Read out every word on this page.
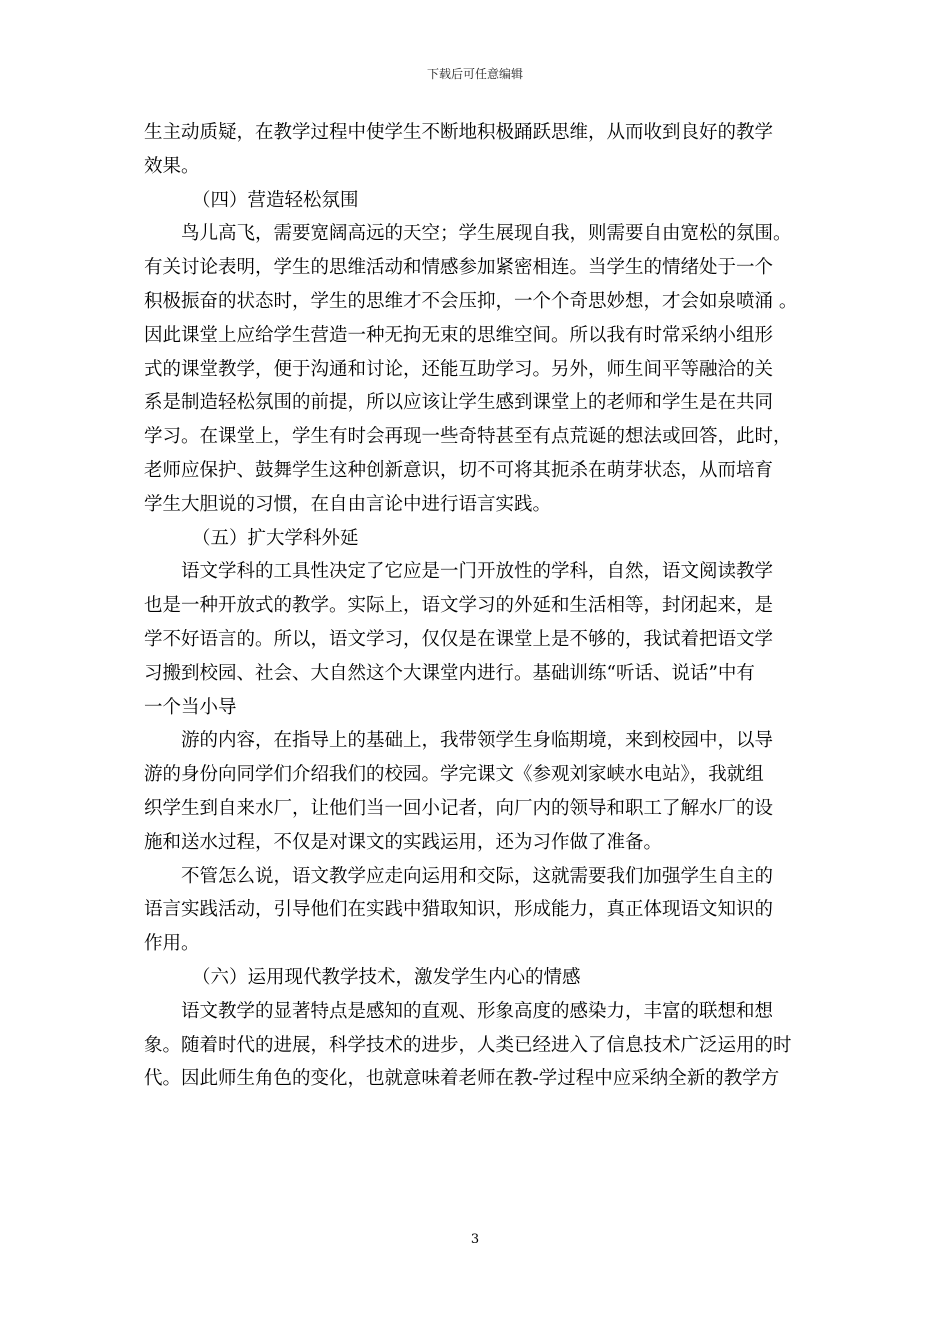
下载后可任意编辑
生主动质疑，在教学过程中使学生不断地积极踊跃思维，从而收到良好的教学
效果。
（四）营造轻松氛围
鸟儿高飞，需要宽阔高远的天空；学生展现自我，则需要自由宽松的氛围。
有关讨论表明，学生的思维活动和情感参加紧密相连。当学生的情绪处于一个
积极振奋的状态时，学生的思维才不会压抑，一个个奇思妙想，才会如泉喷涌 。
因此课堂上应给学生营造一种无拘无束的思维空间。所以我有时常采纳小组形
式的课堂教学，便于沟通和讨论，还能互助学习。另外，师生间平等融洽的关
系是制造轻松氛围的前提，所以应该让学生感到课堂上的老师和学生是在共同
学习。在课堂上，学生有时会再现一些奇特甚至有点荒诞的想法或回答，此时，
老师应保护、鼓舞学生这种创新意识，切不可将其扼杀在萌芽状态，从而培育
学生大胆说的习惯，在自由言论中进行语言实践。
（五）扩大学科外延
语文学科的工具性决定了它应是一门开放性的学科，自然，语文阅读教学
也是一种开放式的教学。实际上，语文学习的外延和生活相等，封闭起来，是
学不好语言的。所以，语文学习，仅仅是在课堂上是不够的，我试着把语文学
习搬到校园、社会、大自然这个大课堂内进行。基础训练“听话、说话”中有
一个当小导
游的内容，在指导上的基础上，我带领学生身临期境，来到校园中，以导
游的身份向同学们介绍我们的校园。学完课文《参观刘家峡水电站》，我就组
织学生到自来水厂，让他们当一回小记者，向厂内的领导和职工了解水厂的设
施和送水过程，不仅是对课文的实践运用，还为习作做了准备。
不管怎么说，语文教学应走向运用和交际，这就需要我们加强学生自主的
语言实践活动，引导他们在实践中猎取知识，形成能力，真正体现语文知识的
作用。
（六）运用现代教学技术，激发学生内心的情感
语文教学的显著特点是感知的直观、形象高度的感染力，丰富的联想和想
象。随着时代的进展，科学技术的进步，人类已经进入了信息技术广泛运用的时
代。因此师生角色的变化，也就意味着老师在教-学过程中应采纳全新的教学方
3
